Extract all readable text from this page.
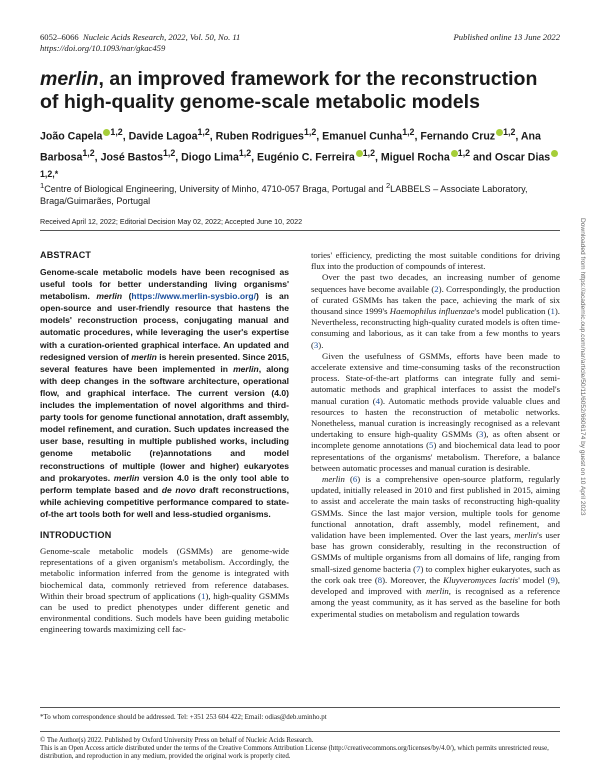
6052–6066 Nucleic Acids Research, 2022, Vol. 50, No. 11
https://doi.org/10.1093/nar/gkac459
Published online 13 June 2022
merlin, an improved framework for the reconstruction of high-quality genome-scale metabolic models
João Capela $^{1,2}$, Davide Lagoa$^{1,2}$, Ruben Rodrigues$^{1,2}$, Emanuel Cunha$^{1,2}$, Fernando Cruz $^{1,2}$, Ana Barbosa$^{1,2}$, José Bastos$^{1,2}$, Diogo Lima$^{1,2}$, Eugénio C. Ferreira $^{1,2}$, Miguel Rocha $^{1,2}$ and Oscar Dias$^{1,2,*}$
$^1$Centre of Biological Engineering, University of Minho, 4710-057 Braga, Portugal and $^2$LABBELS – Associate Laboratory, Braga/Guimarães, Portugal
Received April 12, 2022; Editorial Decision May 02, 2022; Accepted June 10, 2022	Downloaded from https://academic.oup.com/nar/article/50/11/6052/6606174 by guest on 10 April 2023
ABSTRACT

Genome-scale metabolic models have been recognised as useful tools for better understanding living organisms' metabolism. merlin (https://www.merlin-sysbio.org/) is an open-source and user-friendly resource that hastens the models' reconstruction process, conjugating manual and automatic procedures, while leveraging the user's expertise with a curation-oriented graphical interface. An updated and redesigned version of merlin is herein presented. Since 2015, several features have been implemented in merlin, along with deep changes in the software architecture, operational flow, and graphical interface. The current version (4.0) includes the implementation of novel algorithms and third-party tools for genome functional annotation, draft assembly, model refinement, and curation. Such updates increased the user base, resulting in multiple published works, including genome metabolic (re)annotations and model reconstructions of multiple (lower and higher) eukaryotes and prokaryotes. merlin version 4.0 is the only tool able to perform template based and de novo draft reconstructions, while achieving competitive performance compared to state-of-the art tools both for well and less-studied organisms.

INTRODUCTION

Genome-scale metabolic models (GSMMs) are genome-wide representations of a given organism's metabolism. Accordingly, the metabolic information inferred from the genome is integrated with biochemical data, commonly retrieved from reference databases. Within their broad spectrum of applications (1), high-quality GSMMs can be used to predict phenotypes under different genetic and environmental conditions. Such models have been guiding metabolic engineering towards maximizing cell fac-

tories' efficiency, predicting the most suitable conditions for driving flux into the production of compounds of interest.

Over the past two decades, an increasing number of genome sequences have become available (2). Correspondingly, the production of curated GSMMs has taken the pace, achieving the mark of six thousand since 1999's Haemophilus influenzae's model publication (1). Nevertheless, reconstructing high-quality curated models is often time-consuming and laborious, as it can take from a few months to years (3).

Given the usefulness of GSMMs, efforts have been made to accelerate extensive and time-consuming tasks of the reconstruction process. State-of-the-art platforms can integrate fully and semi-automatic methods and graphical interfaces to assist the model's manual curation (4). Automatic methods provide valuable clues and resources to hasten the reconstruction of metabolic networks. Nonetheless, manual curation is increasingly recognised as a relevant undertaking to ensure high-quality GSMMs (3), as often absent or incomplete genome annotations (5) and biochemical data lead to poor representations of the organisms' metabolism. Therefore, a balance between automatic processes and manual curation is desirable.

merlin (6) is a comprehensive open-source platform, regularly updated, initially released in 2010 and first published in 2015, aiming to assist and accelerate the main tasks of reconstructing high-quality GSMMs. Since the last major version, multiple tools for genome functional annotation, draft assembly, model refinement, and validation have been implemented. Over the last years, merlin's user base has grown considerably, resulting in the reconstruction of GSMMs of multiple organisms from all domains of life, ranging from small-sized genome bacteria (7) to complex higher eukaryotes, such as the cork oak tree (8). Moreover, the Kluyveromyces lactis' model (9), developed and improved with merlin, is recognised as a reference among the yeast community, as it has served as the baseline for both experimental studies on metabolism and regulation towards

*To whom correspondence should be addressed. Tel: +351 253 604 422; Email: odias@deb.uminho.pt
© The Author(s) 2022. Published by Oxford University Press on behalf of Nucleic Acids Research.
This is an Open Access article distributed under the terms of the Creative Commons Attribution License (http://creativecommons.org/licenses/by/4.0/), which permits unrestricted reuse, distribution, and reproduction in any medium, provided the original work is properly cited.
